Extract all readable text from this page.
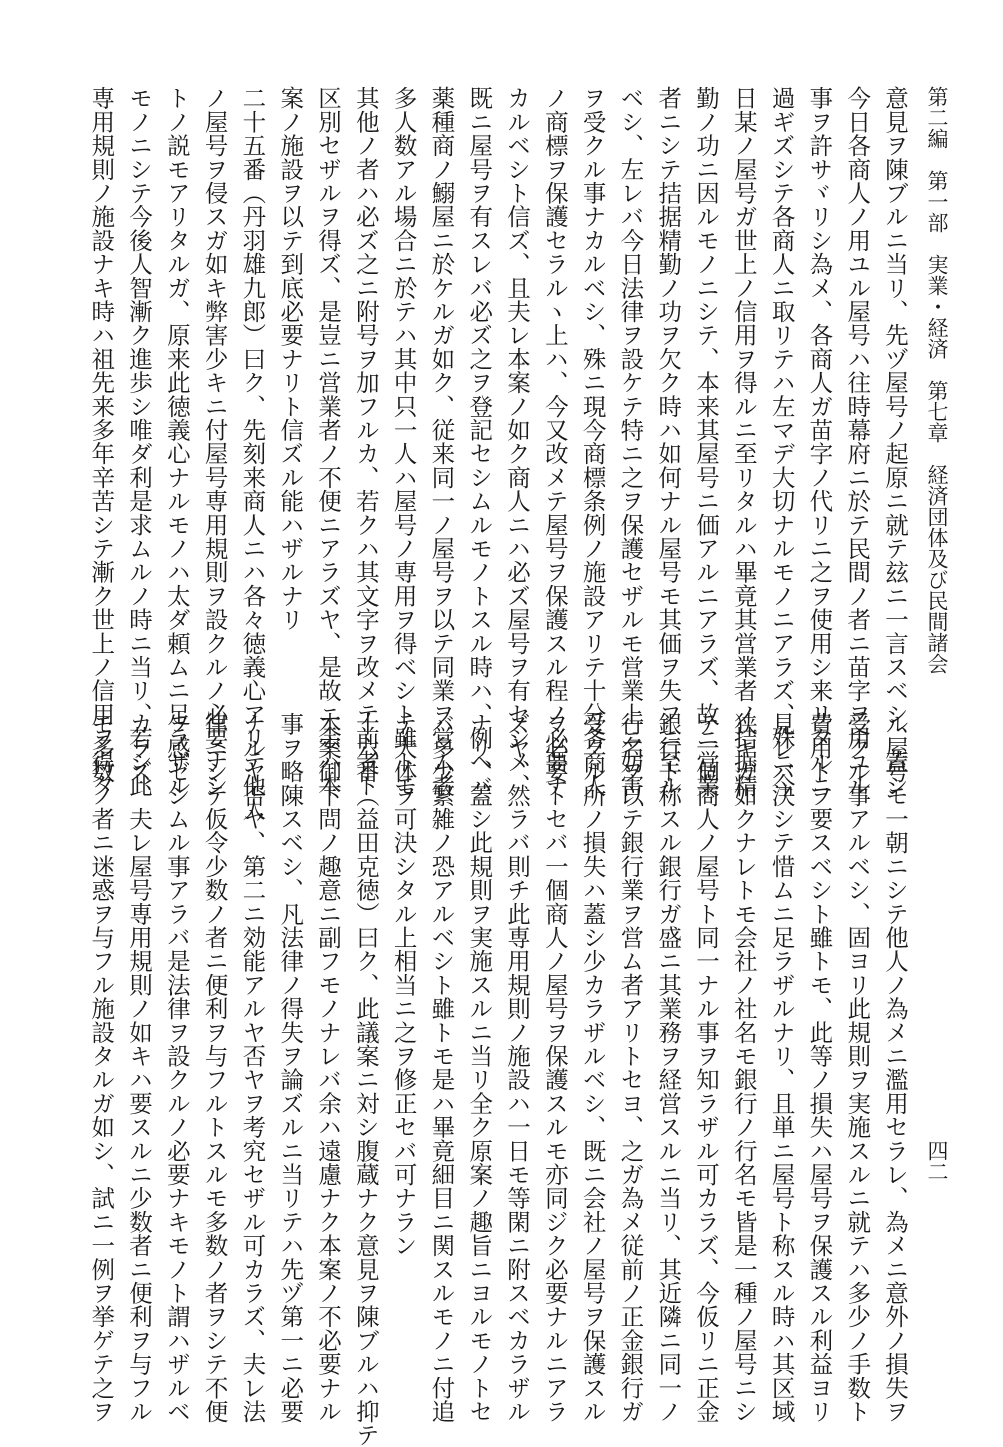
第二編　第一部　実業・経済　第七章　経済団体及び民間諸会
四二
意見ヲ陳ブルニ当リ、先ヅ屋号ノ起原ニ就テ玆ニ一言スベシ、蓋シ
今日各商人ノ用ユル屋号ハ往時幕府ニ於テ民間ノ者ニ苗字ヲ用ユル
事ヲ許サヾリシ為メ、各商人ガ苗字ノ代リニ之ヲ使用シ来リタルニ
過ギズシテ各商人ニ取リテハ左マデ大切ナルモノニアラズ、殊ニ今
日某ノ屋号ガ世上ノ信用ヲ得ルニ至リタルハ畢竟其営業者ノ拮据精
勤ノ功ニ因ルモノニシテ、本来其屋号ニ価アルニアラズ、故ニ営業
者ニシテ拮据精勤ノ功ヲ欠ク時ハ如何ナル屋号モ其価ヲ失フニ至ル
ベシ、左レバ今日法律ヲ設ケテ特ニ之ヲ保護セザルモ営業上ニ妨害
ヲ受クル事ナカルベシ、殊ニ現今商標条例ノ施設アリテ十分各商人
ノ商標ヲ保護セラルヽ上ハ、今又改メテ屋号ヲ保護スル程ノ必要ナ
カルベシト信ズ、且夫レ本案ノ如ク商人ニハ必ズ屋号ヲ有セシメ、
既ニ屋号ヲ有スレバ必ズ之ヲ登記セシムルモノトスル時ハ、例ヘバ
薬種商ノ鰯屋ニ於ケルガ如ク、従来同一ノ屋号ヲ以テ同業ヲ営ム者
多人数アル場合ニ於テハ其中只一人ハ屋号ノ専用ヲ得ベシト雖トモ
其他ノ者ハ必ズ之ニ附号ヲ加フルカ、若クハ其文字ヲ改メテ前者ト
区別セザルヲ得ズ、是豈ニ営業者ノ不便ニアラズヤ、是故ニ余ハ本
案ノ施設ヲ以テ到底必要ナリト信ズル能ハザルナリ
二十五番（丹羽雄九郎）曰ク、先刻来商人ニハ各々徳義心アリテ他人
ノ屋号ヲ侵スガ如キ弊害少キニ付屋号専用規則ヲ設クルノ必要ナシ
トノ説モアリタルガ、原来此徳義心ナルモノハ太ダ頼ムニ足ラザル
モノニシテ今後人智漸ク進歩シ唯ダ利是求ムルノ時ニ当リ、若シ此
専用規則ノ施設ナキ時ハ祖先来多年辛苦シテ漸ク世上ノ信用ヲ得タ
ル屋号モ一朝ニシテ他人ノ為メニ濫用セラレ、為メニ意外ノ損失ヲ
受クル事アルベシ、固ヨリ此規則ヲ実施スルニ就テハ多少ノ手数ト
費用トヲ要スベシト雖トモ、此等ノ損失ハ屋号ヲ保護スル利益ヨリ
見レバ決シテ惜ムニ足ラザルナリ、且単ニ屋号ト称スル時ハ其区域
狭キガ如クナレトモ会社ノ社名モ銀行ノ行名モ皆是一種ノ屋号ニシ
テ一個商人ノ屋号ト同一ナル事ヲ知ラザル可カラズ、今仮リニ正金
銀行ト称スル銀行ガ盛ニ其業務ヲ経営スルニ当リ、其近隣ニ同一ノ
行名ヲ以テ銀行業ヲ営ム者アリトセヨ、之ガ為メ従前ノ正金銀行ガ
受クル所ノ損失ハ蓋シ少カラザルベシ、既ニ会社ノ屋号ヲ保護スル
ヲ必要トセバ一個商人ノ屋号ヲ保護スルモ亦同ジク必要ナルニアラ
ズヤ、然ラバ則チ此専用規則ノ施設ハ一日モ等閑ニ附スベカラザル
ナリ、蓋シ此規則ヲ実施スルニ当リ全ク原案ノ趣旨ニヨルモノトセ
バ多少繁雑ノ恐アルベシト雖トモ是ハ畢竟細目ニ関スルモノニ付追
テ大体ヲ可決シタル上相当ニ之ヲ修正セバ可ナラン
十六番（益田克徳）曰ク、此議案ニ対シ腹蔵ナク意見ヲ陳ブルハ抑テ
本案御下問ノ趣意ニ副フモノナレバ余ハ遠慮ナク本案ノ不必要ナル
事ヲ略陳スベシ、凡法律ノ得失ヲ論ズルニ当リテハ先ヅ第一ニ必要
ナルヤ否ヤ、第二ニ効能アルヤ否ヤヲ考究セザル可カラズ、夫レ法
律ニシテ仮令少数ノ者ニ便利ヲ与フルトスルモ多数ノ者ヲシテ不便
ヲ感ゼシムル事アラバ是法律ヲ設クルノ必要ナキモノト謂ハザルベ
カラズ、夫レ屋号専用規則ノ如キハ要スルニ少数者ニ便利ヲ与フル
モ多数ノ者ニ迷惑ヲ与フル施設タルガ如シ、試ニ一例ヲ挙ゲテ之ヲ
